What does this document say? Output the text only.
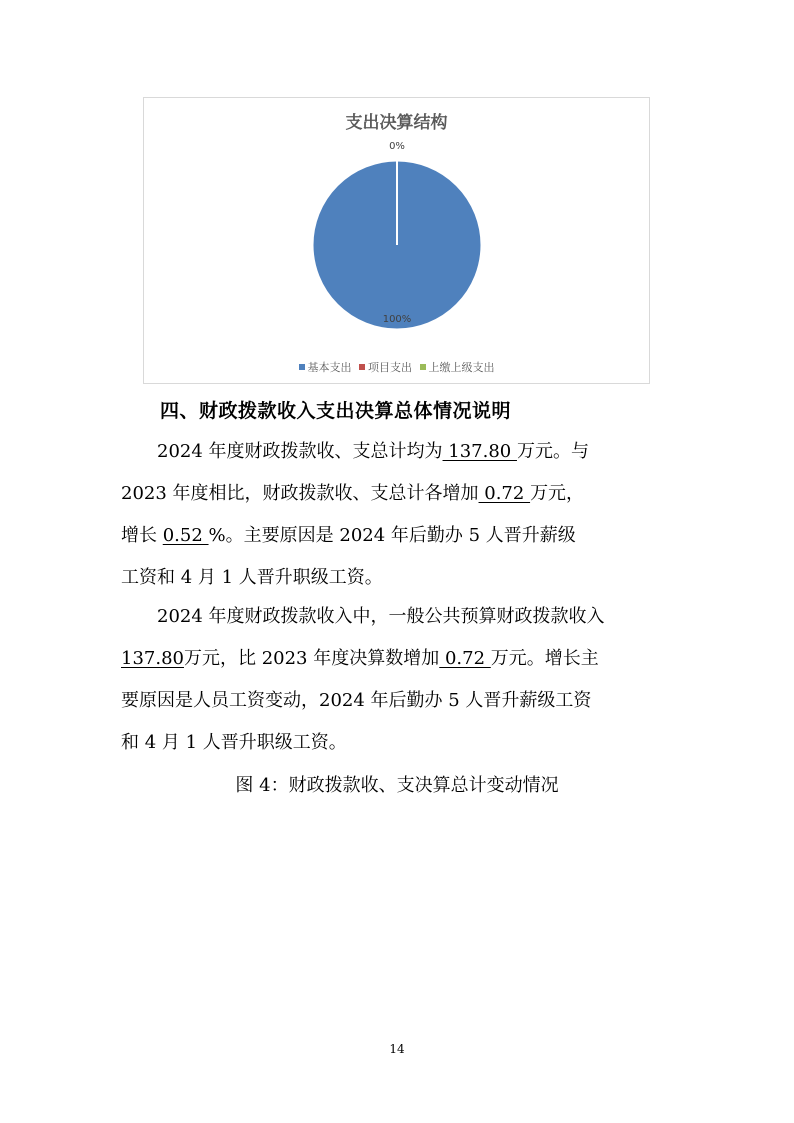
支出决算结构
100%
0%
基本支出 项目支出 上缴上级支出
四、财政拨款收入支出决算总体情况说明

2024 年度财政拨款收、支总计均为 137.80 万元。与
2023 年度相比，财政拨款收、支总计各增加 0.72 万元，
增长 0.52 %。主要原因是 2024 年后勤办 5 人晋升薪级
工资和 4 月 1 人晋升职级工资。

2024 年度财政拨款收入中，一般公共预算财政拨款收入
137.80万元，比 2023 年度决算数增加 0.72 万元。增长主
要原因是人员工资变动，2024 年后勤办 5 人晋升薪级工资
和 4 月 1 人晋升职级工资。

图 4：财政拨款收、支决算总计变动情况
14
